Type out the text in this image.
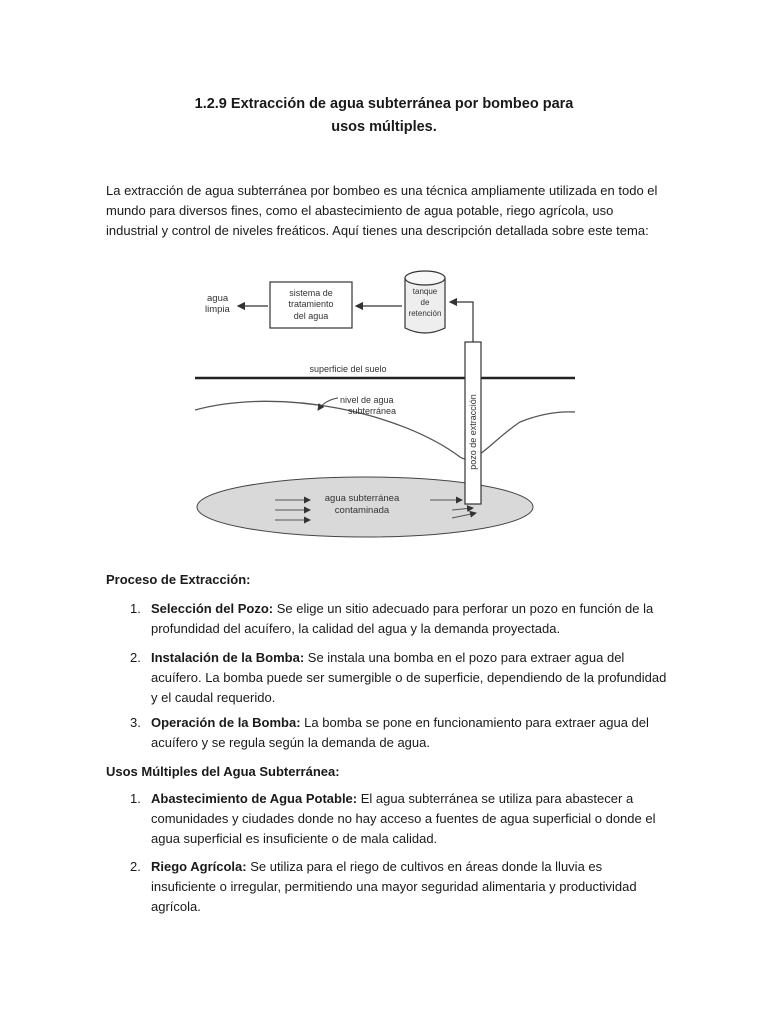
1.2.9 Extracción de agua subterránea por bombeo para
usos múltiples.
La extracción de agua subterránea por bombeo es una técnica ampliamente utilizada en todo el mundo para diversos fines, como el abastecimiento de agua potable, riego agrícola, uso industrial y control de niveles freáticos. Aquí tienes una descripción detallada sobre este tema:
agua
limpia
sistema de
tratamiento
del agua
tanque
de
retención
superficie del suelo
nivel de agua
subterránea	pozo de extracción
agua subterránea
contaminada
Proceso de Extracción:
1. Selección del Pozo: Se elige un sitio adecuado para perforar un pozo en función de la profundidad del acuífero, la calidad del agua y la demanda proyectada.
2. Instalación de la Bomba: Se instala una bomba en el pozo para extraer agua del acuífero. La bomba puede ser sumergible o de superficie, dependiendo de la profundidad y el caudal requerido.
3. Operación de la Bomba: La bomba se pone en funcionamiento para extraer agua del acuífero y se regula según la demanda de agua.
Usos Múltiples del Agua Subterránea:
1. Abastecimiento de Agua Potable: El agua subterránea se utiliza para abastecer a comunidades y ciudades donde no hay acceso a fuentes de agua superficial o donde el agua superficial es insuficiente o de mala calidad.
2. Riego Agrícola: Se utiliza para el riego de cultivos en áreas donde la lluvia es insuficiente o irregular, permitiendo una mayor seguridad alimentaria y productividad agrícola.
